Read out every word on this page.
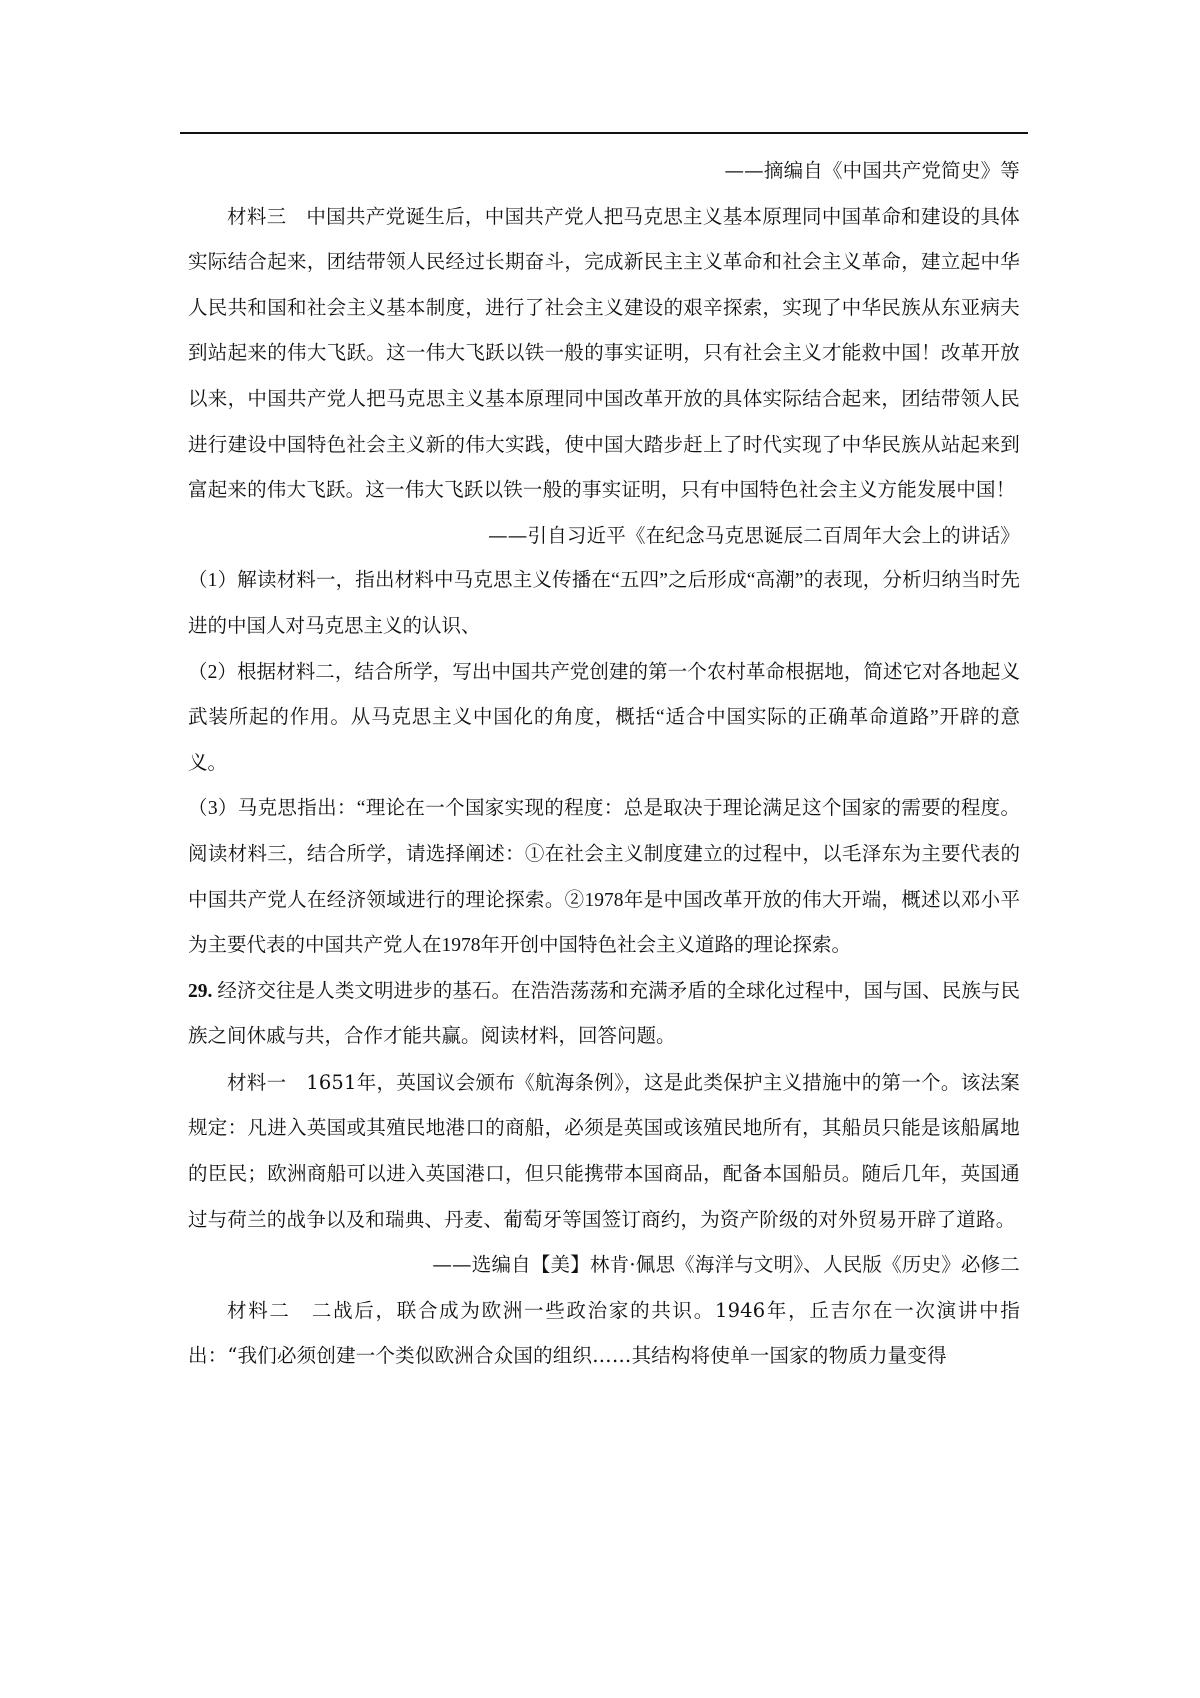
——摘编自《中国共产党简史》等

材料三　 中国共产党诞生后，中国共产党人把马克思主义基本原理同中国革命和建设的具体实际结合起来，团结带领人民经过长期奋斗，完成新民主主义革命和社会主义革命，建立起中华人民共和国和社会主义基本制度，进行了社会主义建设的艰辛探索，实现了中华民族从东亚病夫到站起来的伟大飞跃。这一伟大飞跃以铁一般的事实证明，只有社会主义才能救中国！改革开放以来，中国共产党人把马克思主义基本原理同中国改革开放的具体实际结合起来，团结带领人民进行建设中国特色社会主义新的伟大实践，使中国大踏步赶上了时代实现了中华民族从站起来到富起来的伟大飞跃。这一伟大飞跃以铁一般的事实证明，只有中国特色社会主义方能发展中国！

——引自习近平《在纪念马克思诞辰二百周年大会上的讲话》

（1）解读材料一，指出材料中马克思主义传播在“五四”之后形成“高潮”的表现，分析归纳当时先进的中国人对马克思主义的认识、

（2）根据材料二，结合所学，写出中国共产党创建的第一个农村革命根据地，简述它对各地起义武装所起的作用。从马克思主义中国化的角度，概括“适合中国实际的正确革命道路”开辟的意义。

（3）马克思指出：“理论在一个国家实现的程度：总是取决于理论满足这个国家的需要的程度。阅读材料三，结合所学，请选择阐述：①在社会主义制度建立的过程中，以毛泽东为主要代表的中国共产党人在经济领域进行的理论探索。②1978年是中国改革开放的伟大开端，概述以邓小平为主要代表的中国共产党人在1978年开创中国特色社会主义道路的理论探索。

29. 经济交往是人类文明进步的基石。在浩浩荡荡和充满矛盾的全球化过程中，国与国、民族与民族之间休戚与共，合作才能共赢。阅读材料，回答问题。

材料一　 1651年，英国议会颁布《航海条例》，这是此类保护主义措施中的第一个。该法案规定：凡进入英国或其殖民地港口的商船，必须是英国或该殖民地所有，其船员只能是该船属地的臣民；欧洲商船可以进入英国港口，但只能携带本国商品，配备本国船员。随后几年，英国通过与荷兰的战争以及和瑞典、丹麦、葡萄牙等国签订商约，为资产阶级的对外贸易开辟了道路。

——选编自【美】林肯·佩思《海洋与文明》、人民版《历史》必修二

材料二　 二战后，联合成为欧洲一些政治家的共识。1946年，丘吉尔在一次演讲中指出：“我们必须创建一个类似欧洲合众国的组织……其结构将使单一国家的物质力量变得
